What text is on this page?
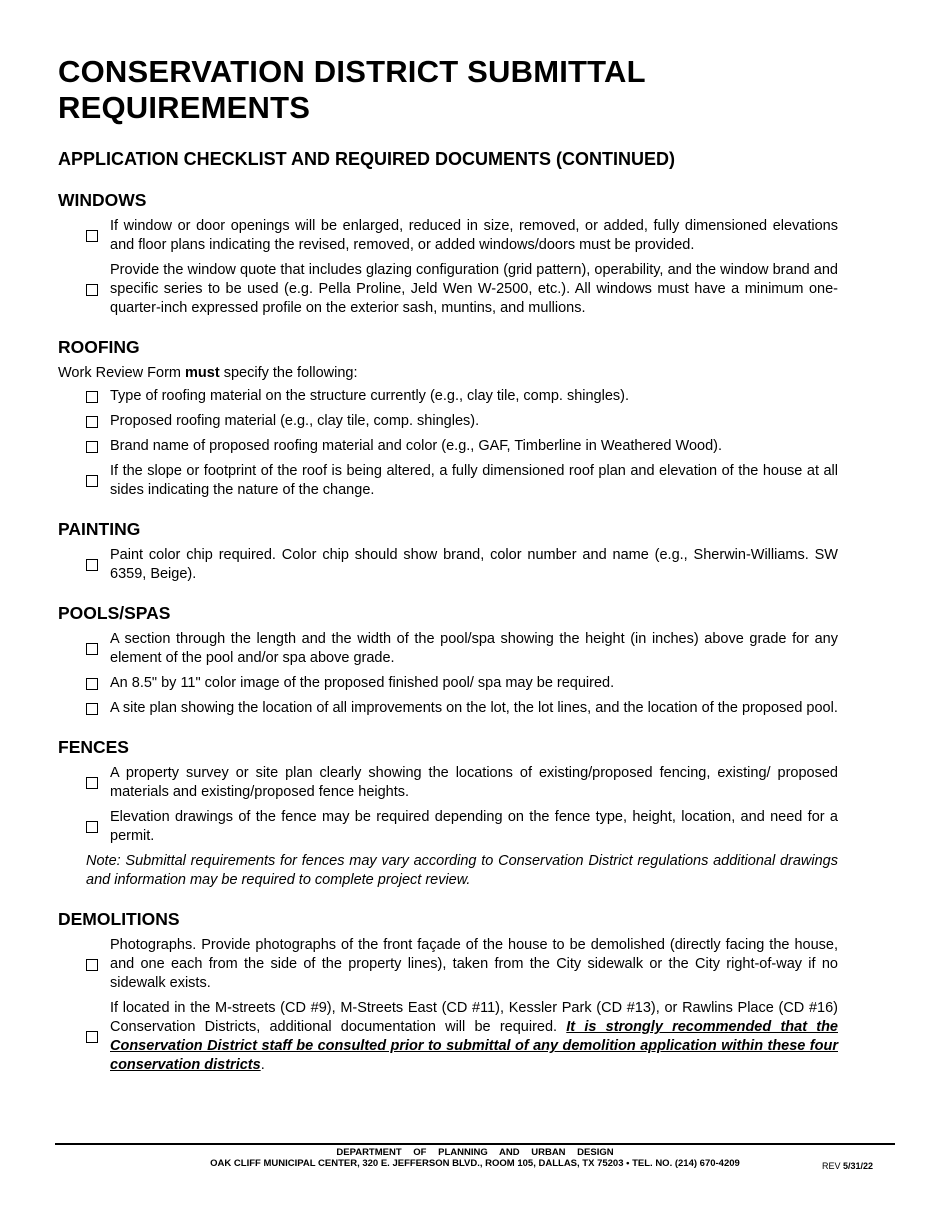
CONSERVATION DISTRICT SUBMITTAL REQUIREMENTS
APPLICATION CHECKLIST AND REQUIRED DOCUMENTS (CONTINUED)
WINDOWS
If window or door openings will be enlarged, reduced in size, removed, or added, fully dimensioned elevations and floor plans indicating the revised, removed, or added windows/doors must be provided.
Provide the window quote that includes glazing configuration (grid pattern), operability, and the window brand and specific series to be used (e.g. Pella Proline, Jeld Wen W-2500, etc.). All windows must have a minimum one-quarter-inch expressed profile on the exterior sash, muntins, and mullions.
ROOFING
Work Review Form must specify the following:
Type of roofing material on the structure currently (e.g., clay tile, comp. shingles).
Proposed roofing material (e.g., clay tile, comp. shingles).
Brand name of proposed roofing material and color (e.g., GAF, Timberline in Weathered Wood).
If the slope or footprint of the roof is being altered, a fully dimensioned roof plan and elevation of the house at all sides indicating the nature of the change.
PAINTING
Paint color chip required. Color chip should show brand, color number and name (e.g., Sherwin-Williams. SW 6359, Beige).
POOLS/SPAS
A section through the length and the width of the pool/spa showing the height (in inches) above grade for any element of the pool and/or spa above grade.
An 8.5" by 11" color image of the proposed finished pool/ spa may be required.
A site plan showing the location of all improvements on the lot, the lot lines, and the location of the proposed pool.
FENCES
A property survey or site plan clearly showing the locations of existing/proposed fencing, existing/ proposed materials and existing/proposed fence heights.
Elevation drawings of the fence may be required depending on the fence type, height, location, and need for a permit.
Note: Submittal requirements for fences may vary according to Conservation District regulations additional drawings and information may be required to complete project review.
DEMOLITIONS
Photographs. Provide photographs of the front façade of the house to be demolished (directly facing the house, and one each from the side of the property lines), taken from the City sidewalk or the City right-of-way if no sidewalk exists.
If located in the M-streets (CD #9), M-Streets East (CD #11), Kessler Park (CD #13), or Rawlins Place (CD #16) Conservation Districts, additional documentation will be required. It is strongly recommended that the Conservation District staff be consulted prior to submittal of any demolition application within these four conservation districts.
DEPARTMENT OF PLANNING AND URBAN DESIGN
OAK CLIFF MUNICIPAL CENTER, 320 E. JEFFERSON BLVD., ROOM 105, DALLAS, TX 75203 • TEL. NO. (214) 670-4209	REV 5/31/22
